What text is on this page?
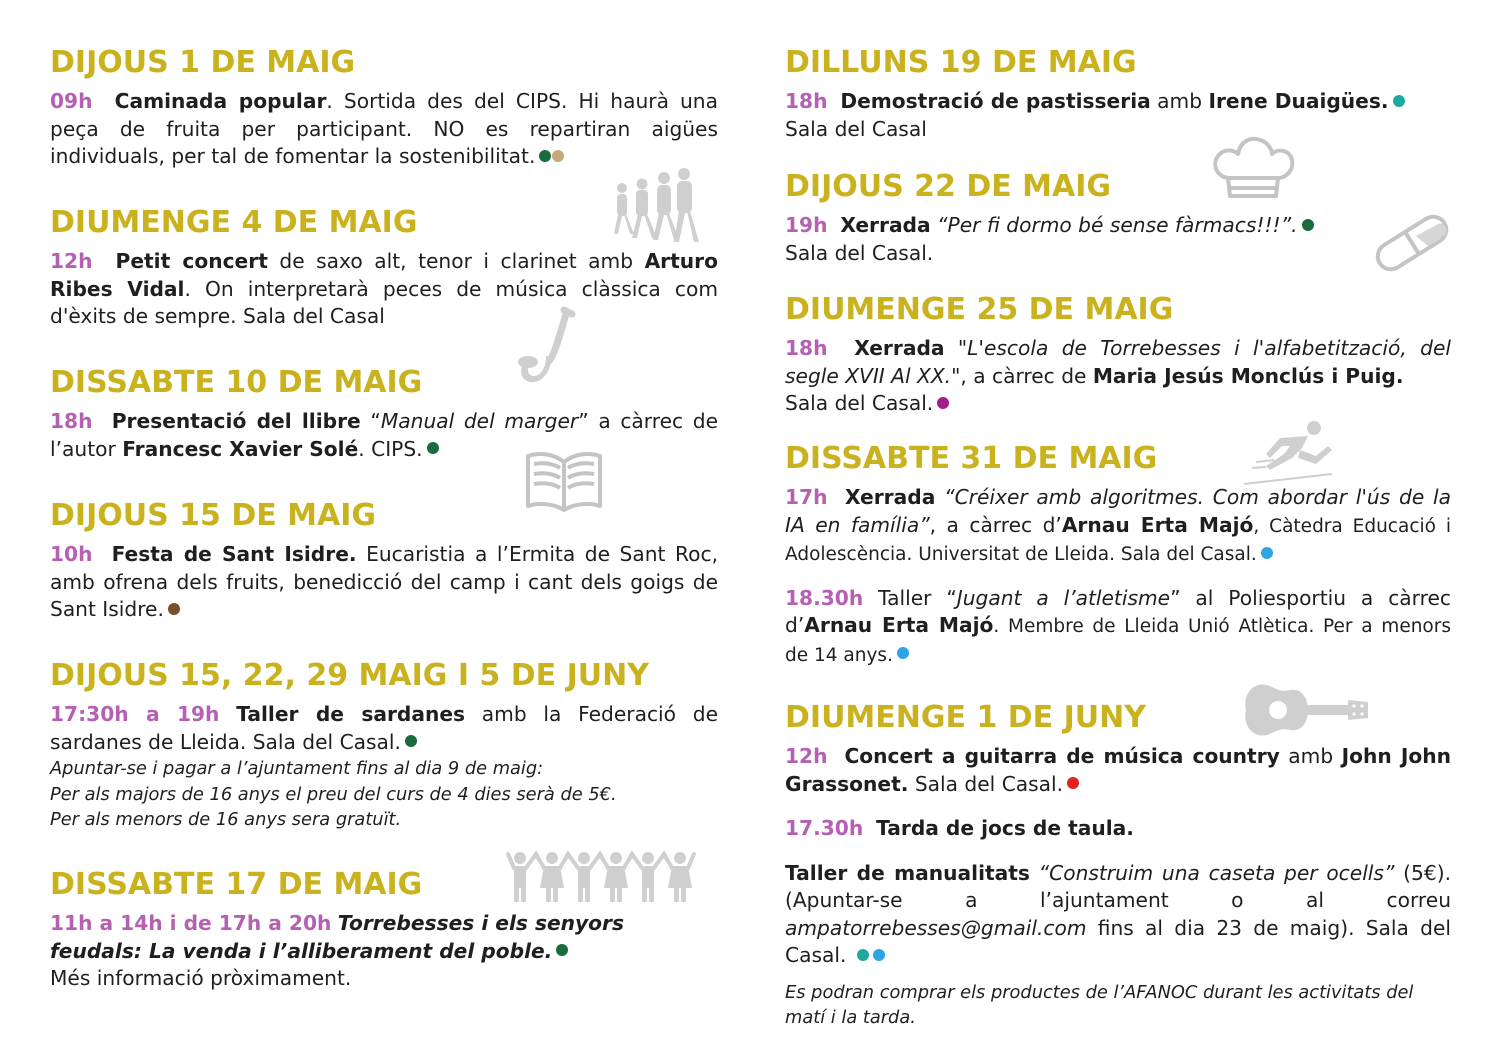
DIJOUS 1 DE MAIG

09h Caminada popular. Sortida des del CIPS. Hi haurà una peça de fruita per participant. NO es repartiran aigües individuals, per tal de fomentar la sostenibilitat.

DIUMENGE 4 DE MAIG

12h Petit concert de saxo alt, tenor i clarinet amb Arturo Ribes Vidal. On interpretarà peces de música clàssica com d'èxits de sempre. Sala del Casal

DISSABTE 10 DE MAIG

18h Presentació del llibre “Manual del marger” a càrrec de l’autor Francesc Xavier Solé. CIPS.

DIJOUS 15 DE MAIG

10h Festa de Sant Isidre. Eucaristia a l’Ermita de Sant Roc, amb ofrena dels fruits, benedicció del camp i cant dels goigs de Sant Isidre.

DIJOUS 15, 22, 29 MAIG I 5 DE JUNY

17:30h a 19h Taller de sardanes amb la Federació de sardanes de Lleida. Sala del Casal.

Apuntar-se i pagar a l’ajuntament fins al dia 9 de maig:

Per als majors de 16 anys el preu del curs de 4 dies serà de 5€.

Per als menors de 16 anys sera gratuït.

DISSABTE 17 DE MAIG

11h a 14h i de 17h a 20h Torrebesses i els senyors feudals: La venda i l’alliberament del poble.

Més informació pròximament.

DILLUNS 19 DE MAIG

18h Demostració de pastisseria amb Irene Duaigües.
Sala del Casal

DIJOUS 22 DE MAIG

19h Xerrada “Per fi dormo bé sense fàrmacs!!!”.
Sala del Casal.

DIUMENGE 25 DE MAIG

18h Xerrada "L'escola de Torrebesses i l'alfabetització, del segle XVII Al XX.", a càrrec de Maria Jesús Monclús i Puig.
Sala del Casal.

DISSABTE 31 DE MAIG

17h Xerrada “Créixer amb algoritmes. Com abordar l'ús de la IA en família”, a càrrec d’Arnau Erta Majó, Càtedra Educació i Adolescència. Universitat de Lleida. Sala del Casal.

18.30h Taller “Jugant a l’atletisme” al Poliesportiu a càrrec d’Arnau Erta Majó. Membre de Lleida Unió Atlètica. Per a menors de 14 anys.

DIUMENGE 1 DE JUNY

12h Concert a guitarra de música country amb John John Grassonet. Sala del Casal.

17.30h Tarda de jocs de taula.

Taller de manualitats “Construim una caseta per ocells” (5€). (Apuntar-se a l’ajuntament o al correu ampatorrebesses@gmail.com fins al dia 23 de maig). Sala del Casal.

Es podran comprar els productes de l’AFANOC durant les activitats del matí i la tarda.
